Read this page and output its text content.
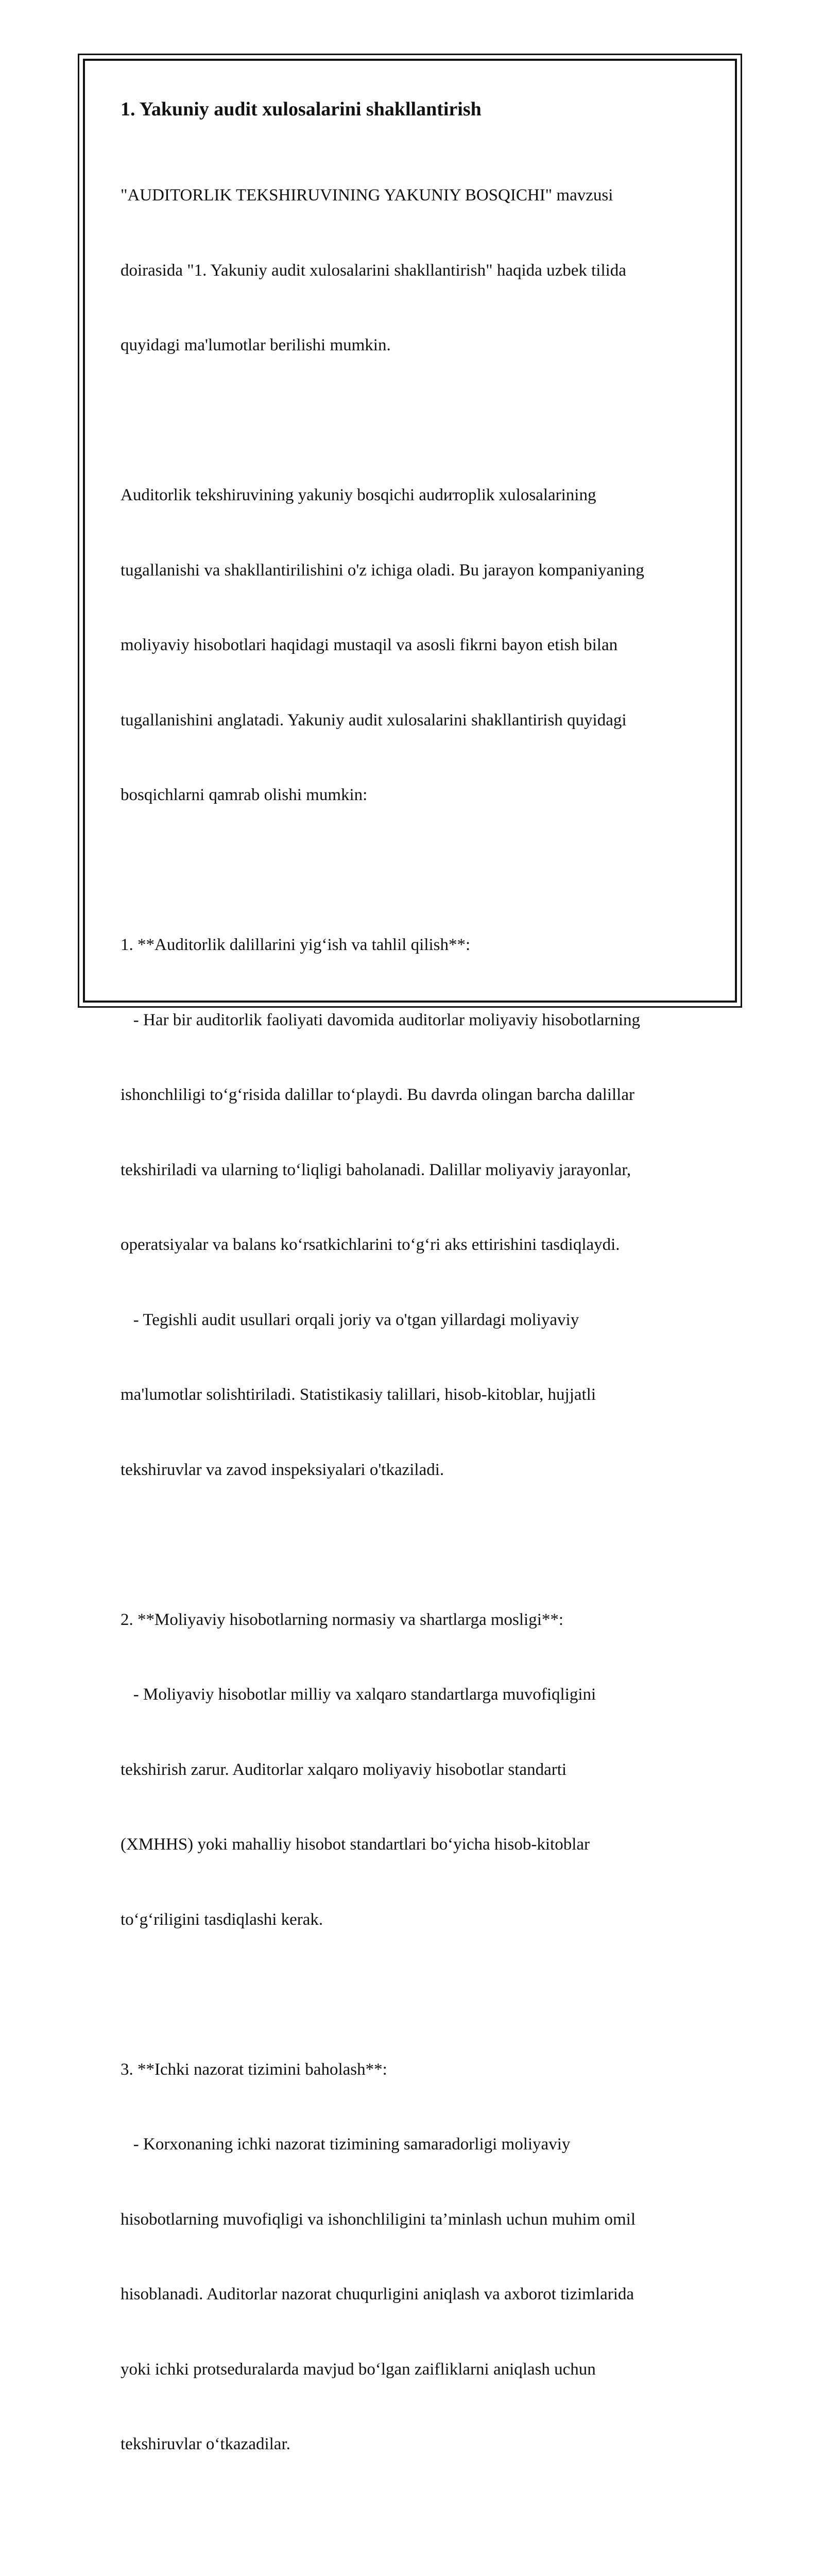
1. Yakuniy audit xulosalarini shakllantirish

"AUDITORLIK TEKSHIRUVINING YAKUNIY BOSQICHI" mavzusi

doirasida "1. Yakuniy audit xulosalarini shakllantirish" haqida uzbek tilida

quyidagi ma'lumotlar berilishi mumkin.

Auditorlik tekshiruvining yakuniy bosqichi audиторlik xulosalarining

tugallanishi va shakllantirilishini o'z ichiga oladi. Bu jarayon kompaniyaning

moliyaviy hisobotlari haqidagi mustaqil va asosli fikrni bayon etish bilan

tugallanishini anglatadi. Yakuniy audit xulosalarini shakllantirish quyidagi

bosqichlarni qamrab olishi mumkin:

1. **Auditorlik dalillarini yig‘ish va tahlil qilish**:

- Har bir auditorlik faoliyati davomida auditorlar moliyaviy hisobotlarning

ishonchliligi to‘g‘risida dalillar to‘playdi. Bu davrda olingan barcha dalillar

tekshiriladi va ularning to‘liqligi baholanadi. Dalillar moliyaviy jarayonlar,

operatsiyalar va balans ko‘rsatkichlarini to‘g‘ri aks ettirishini tasdiqlaydi.

- Tegishli audit usullari orqali joriy va o'tgan yillardagi moliyaviy

ma'lumotlar solishtiriladi. Statistikasiy talillari, hisob-kitoblar, hujjatli

tekshiruvlar va zavod inspeksiyalari o'tkaziladi.

2. **Moliyaviy hisobotlarning normasiy va shartlarga mosligi**:

- Moliyaviy hisobotlar milliy va xalqaro standartlarga muvofiqligini

tekshirish zarur. Auditorlar xalqaro moliyaviy hisobotlar standarti

(XMHHS) yoki mahalliy hisobot standartlari bo‘yicha hisob-kitoblar

to‘g‘riligini tasdiqlashi kerak.

3. **Ichki nazorat tizimini baholash**:

- Korxonaning ichki nazorat tizimining samaradorligi moliyaviy

hisobotlarning muvofiqligi va ishonchliligini ta’minlash uchun muhim omil

hisoblanadi. Auditorlar nazorat chuqurligini aniqlash va axborot tizimlarida

yoki ichki protseduralarda mavjud bo‘lgan zaifliklarni aniqlash uchun

tekshiruvlar o‘tkazadilar.
